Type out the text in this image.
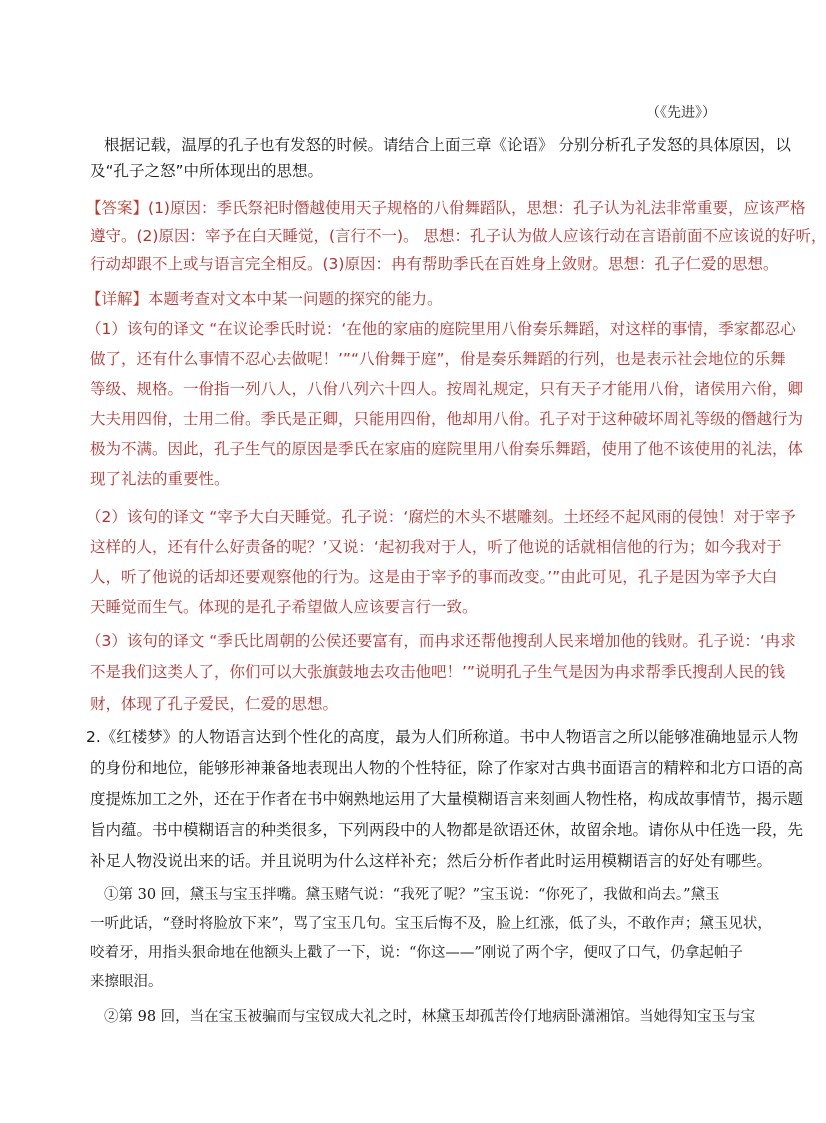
（《先进》）
根据记载，温厚的孔子也有发怒的时候。请结合上面三章《论语》 分别分析孔子发怒的具体原因，以
及“孔子之怒”中所体现出的思想。
【答案】(1)原因：季氏祭祀时僭越使用天子规格的八佾舞蹈队，思想：孔子认为礼法非常重要，应该严格
遵守。(2)原因：宰予在白天睡觉，(言行不一)。 思想：孔子认为做人应该行动在言语前面不应该说的好听，
行动却跟不上或与语言完全相反。(3)原因：冉有帮助季氏在百姓身上敛财。思想：孔子仁爱的思想。
【详解】本题考查对文本中某一问题的探究的能力。
（1）该句的译文 “在议论季氏时说：‘在他的家庙的庭院里用八佾奏乐舞蹈，对这样的事情，季家都忍心
做了，还有什么事情不忍心去做呢！’”“八佾舞于庭”，佾是奏乐舞蹈的行列，也是表示社会地位的乐舞
等级、规格。一佾指一列八人，八佾八列六十四人。按周礼规定，只有天子才能用八佾，诸侯用六佾，卿
大夫用四佾，士用二佾。季氏是正卿，只能用四佾，他却用八佾。孔子对于这种破坏周礼等级的僭越行为
极为不满。因此，孔子生气的原因是季氏在家庙的庭院里用八佾奏乐舞蹈，使用了他不该使用的礼法，体
现了礼法的重要性。
（2）该句的译文 “宰予大白天睡觉。孔子说：‘腐烂的木头不堪雕刻。土坯经不起风雨的侵蚀！对于宰予
这样的人，还有什么好责备的呢？’又说：‘起初我对于人，听了他说的话就相信他的行为；如今我对于
人，听了他说的话却还要观察他的行为。这是由于宰予的事而改变。’”由此可见，孔子是因为宰予大白
天睡觉而生气。体现的是孔子希望做人应该要言行一致。
（3）该句的译文 “季氏比周朝的公侯还要富有，而冉求还帮他搜刮人民来增加他的钱财。孔子说：‘冉求
不是我们这类人了，你们可以大张旗鼓地去攻击他吧！’”说明孔子生气是因为冉求帮季氏搜刮人民的钱
财，体现了孔子爱民，仁爱的思想。
2.《红楼梦》的人物语言达到个性化的高度，最为人们所称道。书中人物语言之所以能够准确地显示人物
的身份和地位，能够形神兼备地表现出人物的个性特征，除了作家对古典书面语言的精粹和北方口语的高
度提炼加工之外，还在于作者在书中娴熟地运用了大量模糊语言来刻画人物性格，构成故事情节，揭示题
旨内蕴。书中模糊语言的种类很多，下列两段中的人物都是欲语还休，故留余地。请你从中任选一段，先
补足人物没说出来的话。并且说明为什么这样补充；然后分析作者此时运用模糊语言的好处有哪些。
①第 30 回，黛玉与宝玉拌嘴。黛玉赌气说：“我死了呢？”宝玉说：“你死了，我做和尚去。”黛玉
一听此话，“登时将脸放下来”，骂了宝玉几句。宝玉后悔不及，脸上红涨，低了头，不敢作声；黛玉见状，
咬着牙，用指头狠命地在他额头上戳了一下，说：“你这——”刚说了两个字，便叹了口气，仍拿起帕子
来擦眼泪。
②第 98 回，当在宝玉被骗而与宝钗成大礼之时，林黛玉却孤苦伶仃地病卧潇湘馆。当她得知宝玉与宝
